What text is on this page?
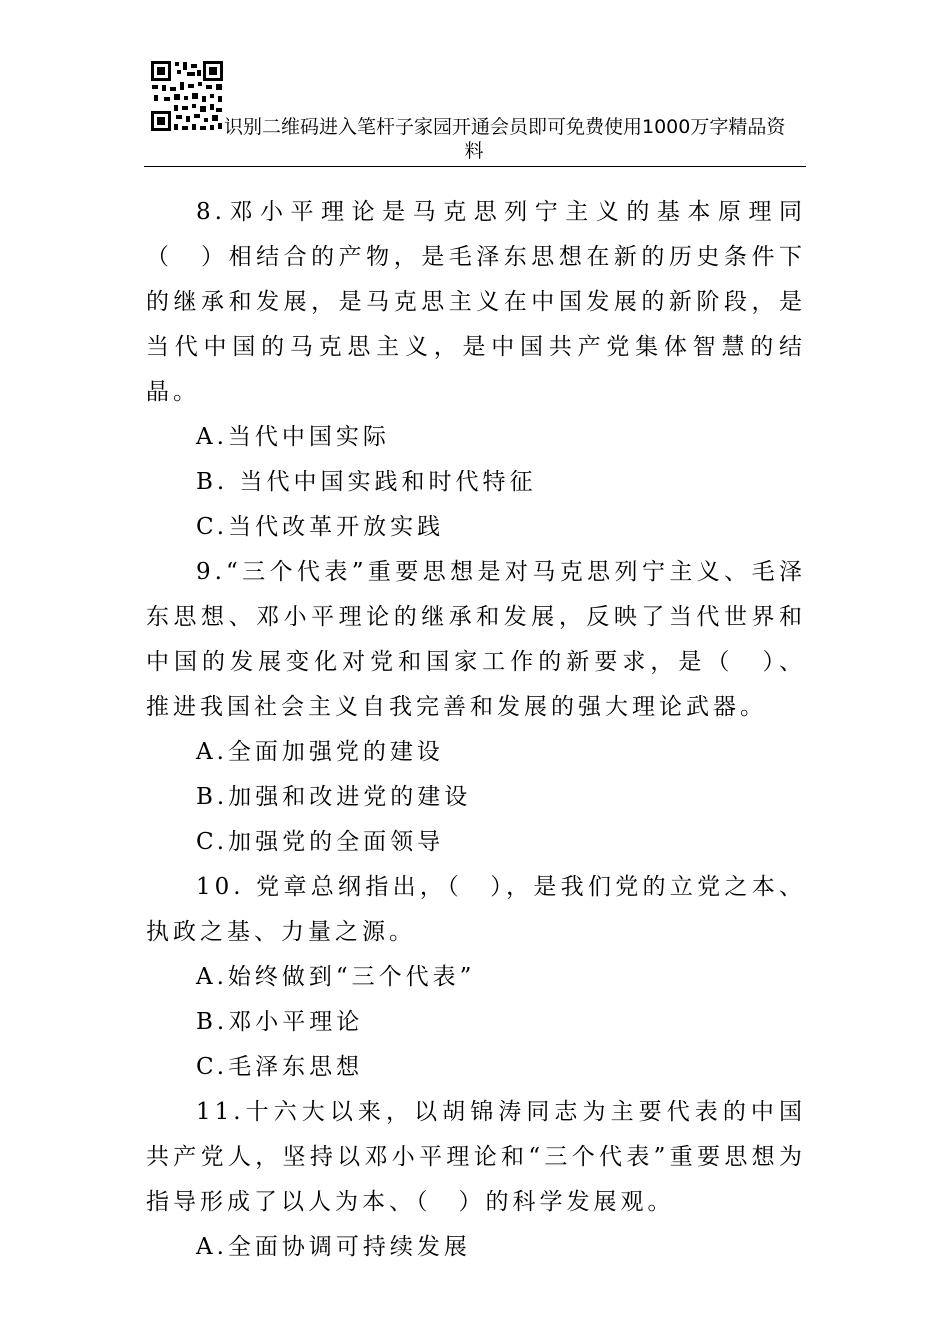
识别二维码进入笔杆子家园开通会员即可免费使用1000万字精品资
料

8.邓小平理论是马克思列宁主义的基本原理同（　）相结合的产物，是毛泽东思想在新的历史条件下的继承和发展，是马克思主义在中国发展的新阶段，是当代中国的马克思主义，是中国共产党集体智慧的结晶。

A.当代中国实际

B. 当代中国实践和时代特征

C.当代改革开放实践

9.“三个代表”重要思想是对马克思列宁主义、毛泽东思想、邓小平理论的继承和发展，反映了当代世界和中国的发展变化对党和国家工作的新要求，是（　）、推进我国社会主义自我完善和发展的强大理论武器。

A.全面加强党的建设

B.加强和改进党的建设

C.加强党的全面领导

10. 党章总纲指出，（　），是我们党的立党之本、执政之基、力量之源。

A.始终做到“三个代表”

B.邓小平理论

C.毛泽东思想

11.十六大以来，以胡锦涛同志为主要代表的中国共产党人，坚持以邓小平理论和“三个代表”重要思想为指导形成了以人为本、（　）的科学发展观。

A.全面协调可持续发展
